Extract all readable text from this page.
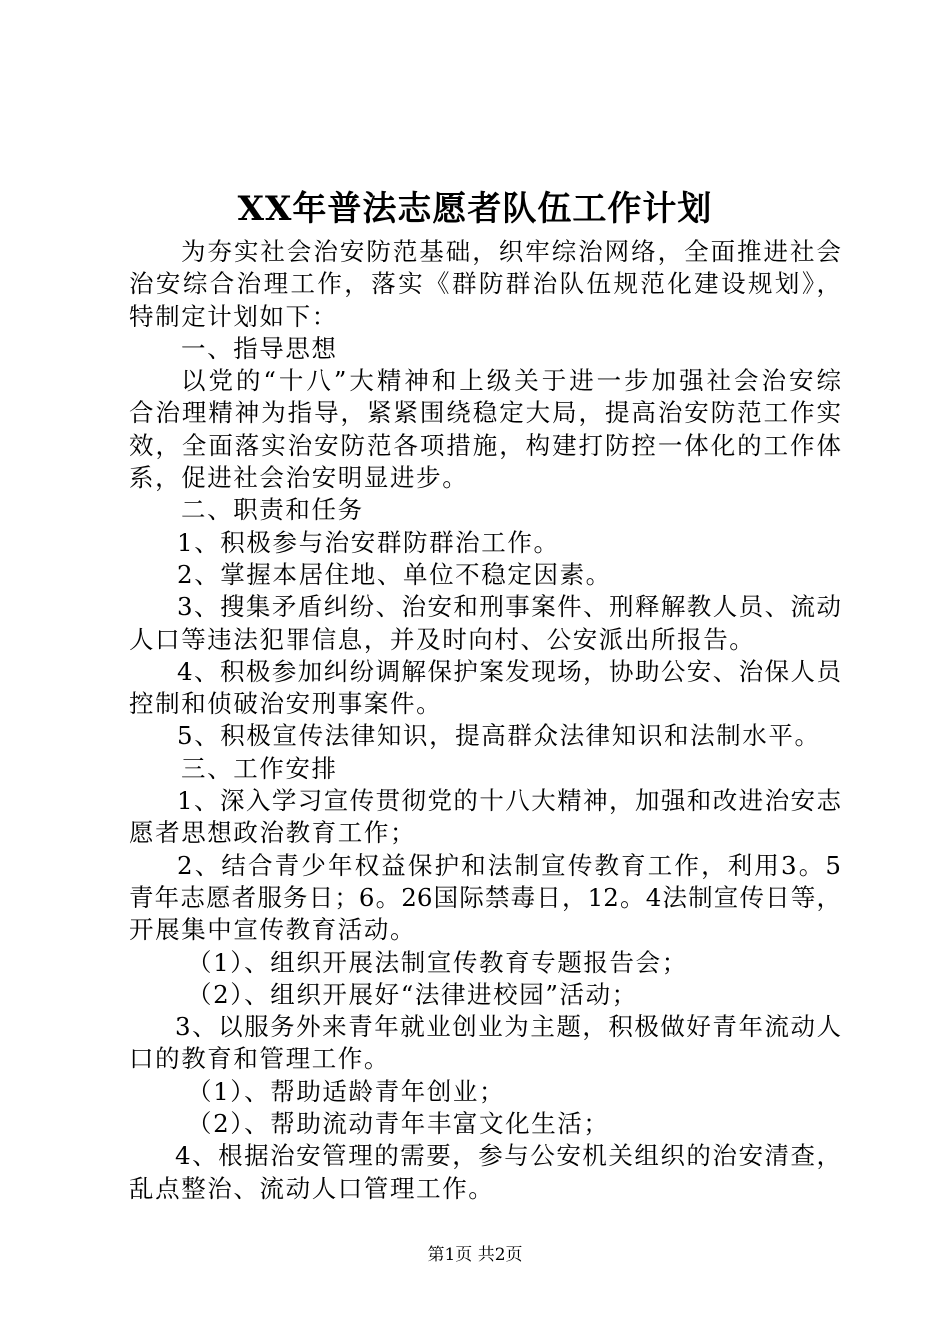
XX年普法志愿者队伍工作计划
为夯实社会治安防范基础，织牢综治网络，全面推进社会
治安综合治理工作，落实《群防群治队伍规范化建设规划》，
特制定计划如下：
一、指导思想
以党的“十八”大精神和上级关于进一步加强社会治安综
合治理精神为指导，紧紧围绕稳定大局，提高治安防范工作实
效，全面落实治安防范各项措施，构建打防控一体化的工作体
系，促进社会治安明显进步。
二、职责和任务
1、积极参与治安群防群治工作。
2、掌握本居住地、单位不稳定因素。
3、搜集矛盾纠纷、治安和刑事案件、刑释解教人员、流动
人口等违法犯罪信息，并及时向村、公安派出所报告。
4、积极参加纠纷调解保护案发现场，协助公安、治保人员
控制和侦破治安刑事案件。
5、积极宣传法律知识，提高群众法律知识和法制水平。
三、工作安排
1、深入学习宣传贯彻党的十八大精神，加强和改进治安志
愿者思想政治教育工作；
2、结合青少年权益保护和法制宣传教育工作，利用3。5
青年志愿者服务日；6。26国际禁毒日，12。4法制宣传日等，
开展集中宣传教育活动。
（1）、组织开展法制宣传教育专题报告会；
（2）、组织开展好“法律进校园”活动；
3、以服务外来青年就业创业为主题，积极做好青年流动人
口的教育和管理工作。
（1）、帮助适龄青年创业；
（2）、帮助流动青年丰富文化生活；
4、根据治安管理的需要，参与公安机关组织的治安清查，
乱点整治、流动人口管理工作。
第1页 共2页
